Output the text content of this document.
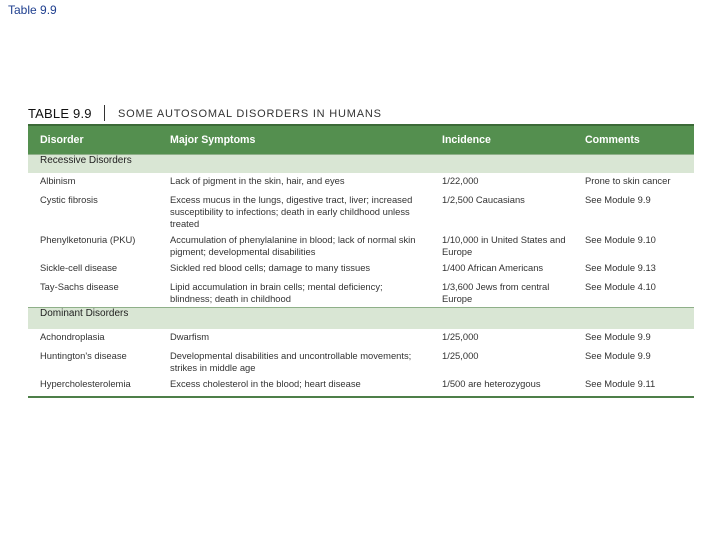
Table 9.9
TABLE 9.9 SOME AUTOSOMAL DISORDERS IN HUMANS
Disorder	Major Symptoms	Incidence	Comments
Recessive Disorders			
Albinism	Lack of pigment in the skin, hair, and eyes	1/22,000	Prone to skin cancer
Cystic fibrosis	Excess mucus in the lungs, digestive tract, liver; increased susceptibility to infections; death in early childhood unless treated	1/2,500 Caucasians	See Module 9.9
Phenylketonuria (PKU)	Accumulation of phenylalanine in blood; lack of normal skin pigment; developmental disabilities	1/10,000 in United States and Europe	See Module 9.10
Sickle-cell disease	Sickled red blood cells; damage to many tissues	1/400 African Americans	See Module 9.13
Tay-Sachs disease	Lipid accumulation in brain cells; mental deficiency; blindness; death in childhood	1/3,600 Jews from central Europe	See Module 4.10
Dominant Disorders			
Achondroplasia	Dwarfism	1/25,000	See Module 9.9
Huntington's disease	Developmental disabilities and uncontrollable movements; strikes in middle age	1/25,000	See Module 9.9
Hypercholesterolemia	Excess cholesterol in the blood; heart disease	1/500 are heterozygous	See Module 9.11
